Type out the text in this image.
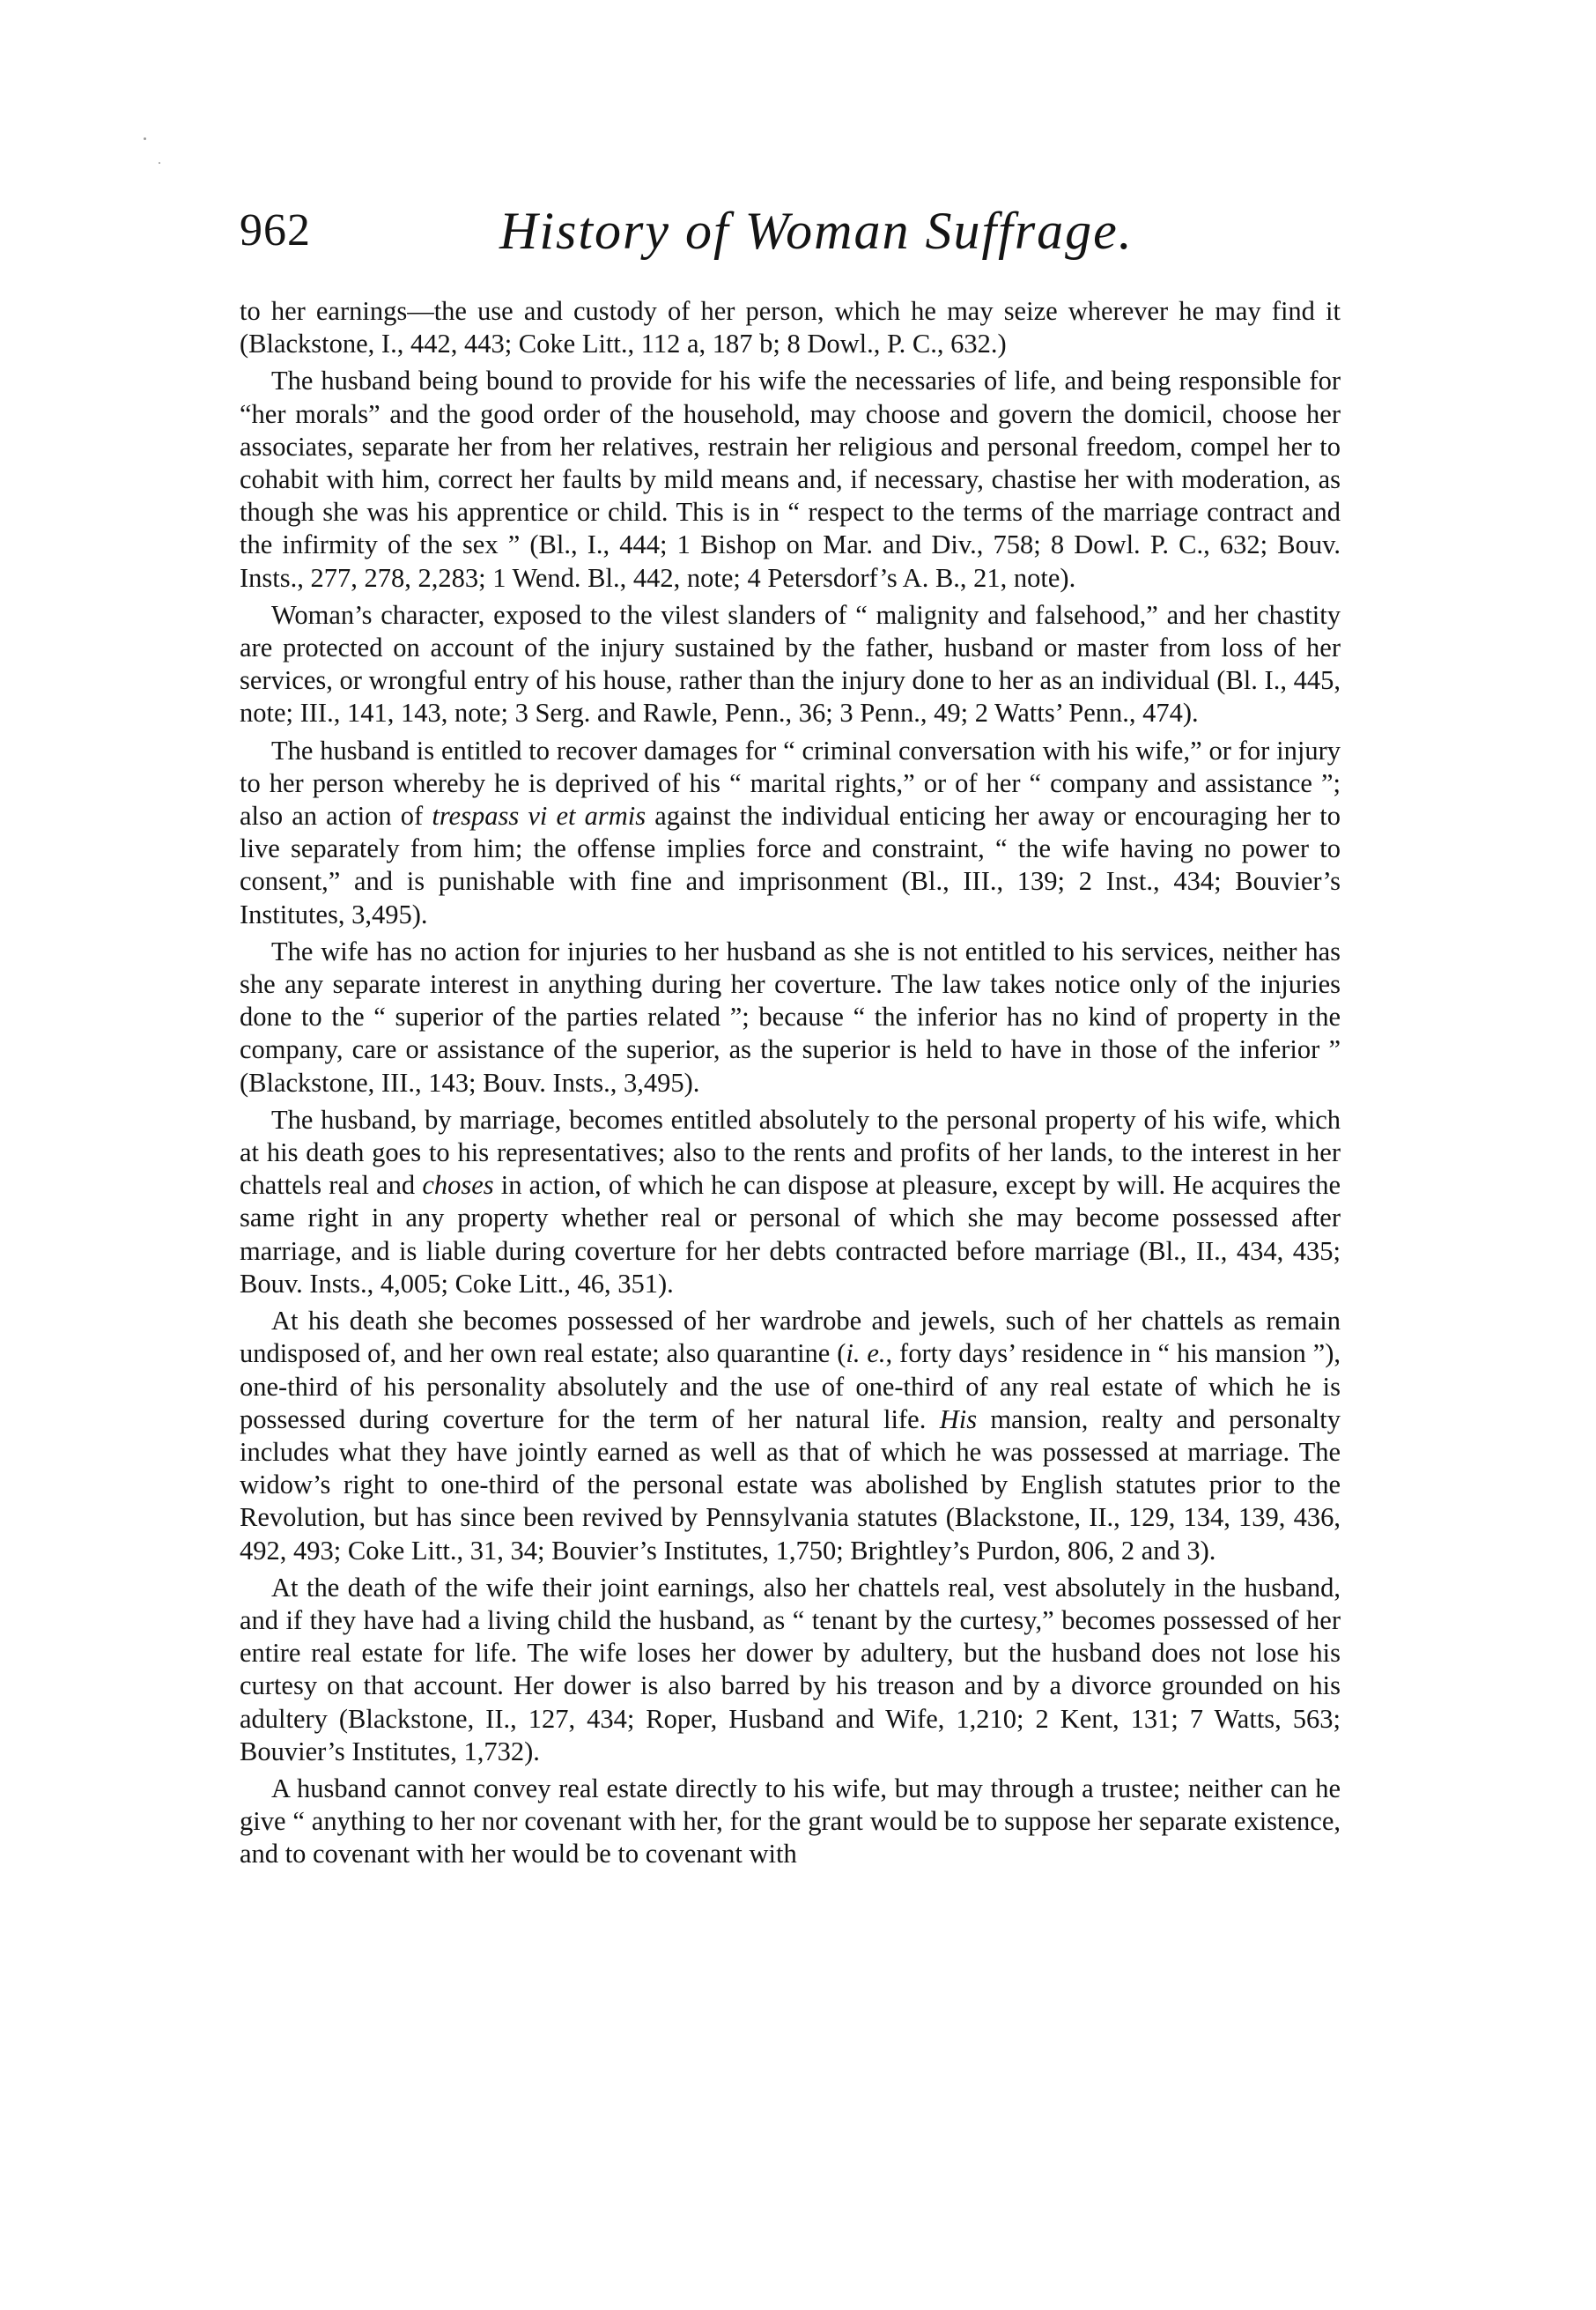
962	History of Woman Suffrage.

to her earnings—the use and custody of her person, which he may seize wherever he may find it (Blackstone, I., 442, 443; Coke Litt., 112 a, 187 b; 8 Dowl., P. C., 632.)

The husband being bound to provide for his wife the necessaries of life, and being responsible for “her morals” and the good order of the household, may choose and govern the domicil, choose her associates, separate her from her relatives, restrain her religious and personal freedom, compel her to cohabit with him, correct her faults by mild means and, if necessary, chastise her with moderation, as though she was his apprentice or child. This is in “ respect to the terms of the marriage contract and the infirmity of the sex ” (Bl., I., 444; 1 Bishop on Mar. and Div., 758; 8 Dowl. P. C., 632; Bouv. Insts., 277, 278, 2,283; 1 Wend. Bl., 442, note; 4 Petersdorf’s A. B., 21, note).

Woman’s character, exposed to the vilest slanders of “ malignity and falsehood,” and her chastity are protected on account of the injury sustained by the father, husband or master from loss of her services, or wrongful entry of his house, rather than the injury done to her as an individual (Bl. I., 445, note; III., 141, 143, note; 3 Serg. and Rawle, Penn., 36; 3 Penn., 49; 2 Watts’ Penn., 474).

The husband is entitled to recover damages for “ criminal conversation with his wife,” or for injury to her person whereby he is deprived of his “ marital rights,” or of her “ company and assistance ”; also an action of trespass vi et armis against the individual enticing her away or encouraging her to live separately from him; the offense implies force and constraint, “ the wife having no power to consent,” and is punishable with fine and imprisonment (Bl., III., 139; 2 Inst., 434; Bouvier’s Institutes, 3,495).

The wife has no action for injuries to her husband as she is not entitled to his services, neither has she any separate interest in anything during her coverture. The law takes notice only of the injuries done to the “ superior of the parties related ”; because “ the inferior has no kind of property in the company, care or assistance of the superior, as the superior is held to have in those of the inferior ” (Blackstone, III., 143; Bouv. Insts., 3,495).

The husband, by marriage, becomes entitled absolutely to the personal property of his wife, which at his death goes to his representatives; also to the rents and profits of her lands, to the interest in her chattels real and choses in action, of which he can dispose at pleasure, except by will. He acquires the same right in any property whether real or personal of which she may become possessed after marriage, and is liable during coverture for her debts contracted before marriage (Bl., II., 434, 435; Bouv. Insts., 4,005; Coke Litt., 46, 351).

At his death she becomes possessed of her wardrobe and jewels, such of her chattels as remain undisposed of, and her own real estate; also quarantine (i. e., forty days’ residence in “ his mansion ”), one-third of his personality absolutely and the use of one-third of any real estate of which he is possessed during coverture for the term of her natural life. His mansion, realty and personalty includes what they have jointly earned as well as that of which he was possessed at marriage. The widow’s right to one-third of the personal estate was abolished by English statutes prior to the Revolution, but has since been revived by Pennsylvania statutes (Blackstone, II., 129, 134, 139, 436, 492, 493; Coke Litt., 31, 34; Bouvier’s Institutes, 1,750; Brightley’s Purdon, 806, 2 and 3).

At the death of the wife their joint earnings, also her chattels real, vest absolutely in the husband, and if they have had a living child the husband, as “ tenant by the curtesy,” becomes possessed of her entire real estate for life. The wife loses her dower by adultery, but the husband does not lose his curtesy on that account. Her dower is also barred by his treason and by a divorce grounded on his adultery (Blackstone, II., 127, 434; Roper, Husband and Wife, 1,210; 2 Kent, 131; 7 Watts, 563; Bouvier’s Institutes, 1,732).

A husband cannot convey real estate directly to his wife, but may through a trustee; neither can he give “ anything to her nor covenant with her, for the grant would be to suppose her separate existence, and to covenant with her would be to covenant with
